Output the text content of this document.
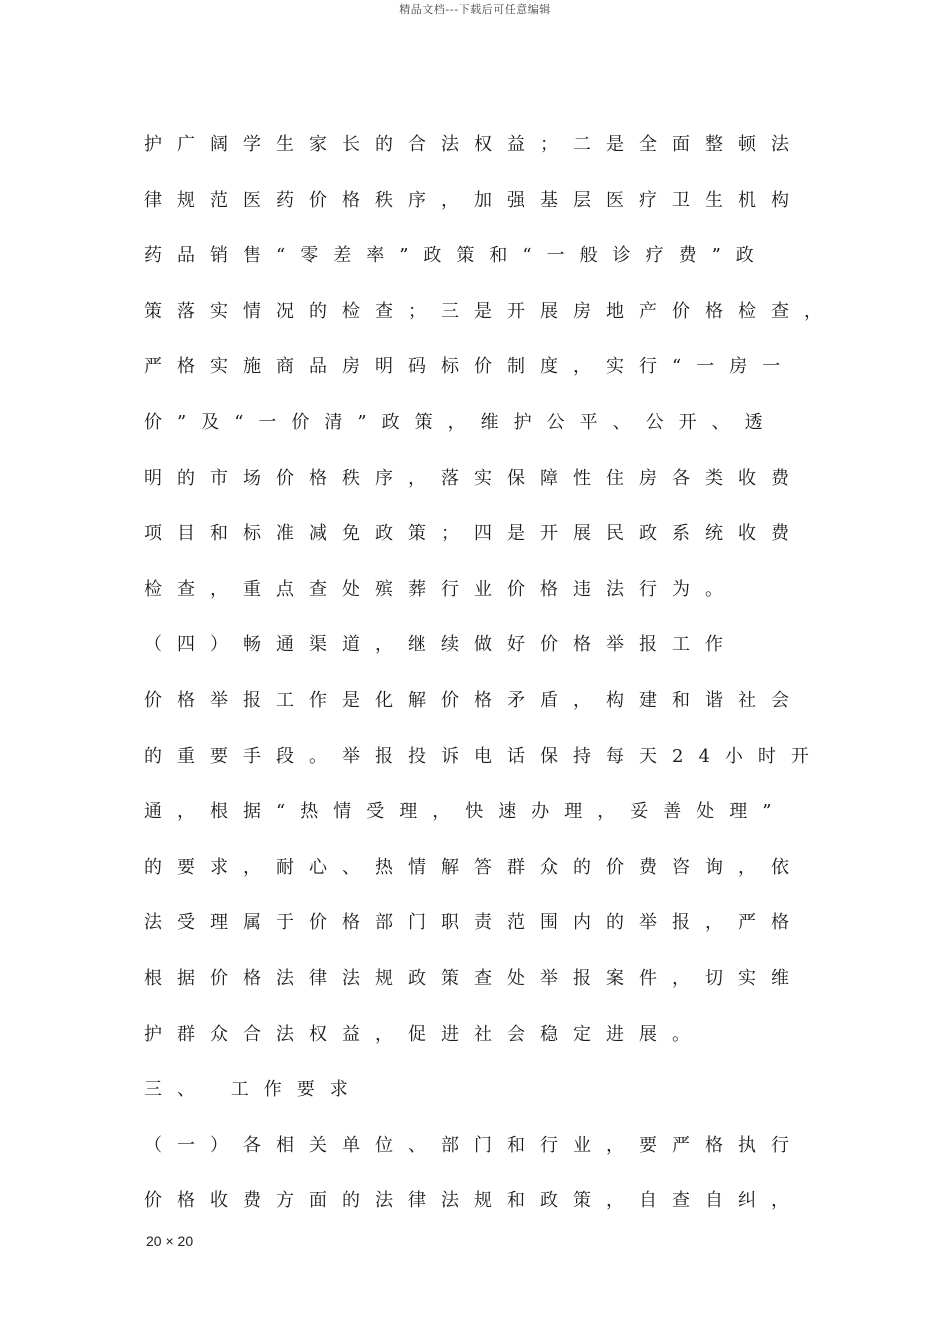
精品文档---下载后可任意编辑
护广阔学生家长的合法权益；二是全面整顿法
律规范医药价格秩序，加强基层医疗卫生机构
药品销售“零差率”政策和“一般诊疗费”政
策落实情况的检查；三是开展房地产价格检查，
严格实施商品房明码标价制度，实行“一房一
价”及“一价清”政策，维护公平、公开、透
明的市场价格秩序，落实保障性住房各类收费
项目和标准减免政策；四是开展民政系统收费
检查，重点查处殡葬行业价格违法行为。
（四）畅通渠道，继续做好价格举报工作
价格举报工作是化解价格矛盾，构建和谐社会
的重要手段。举报投诉电话保持每天24小时开
通，根据“热情受理，快速办理，妥善处理”
的要求，耐心、热情解答群众的价费咨询，依
法受理属于价格部门职责范围内的举报，严格
根据价格法律法规政策查处举报案件，切实维
护群众合法权益，促进社会稳定进展。
三、 工作要求
（一）各相关单位、部门和行业，要严格执行
价格收费方面的法律法规和政策，自查自纠，
20 × 20
